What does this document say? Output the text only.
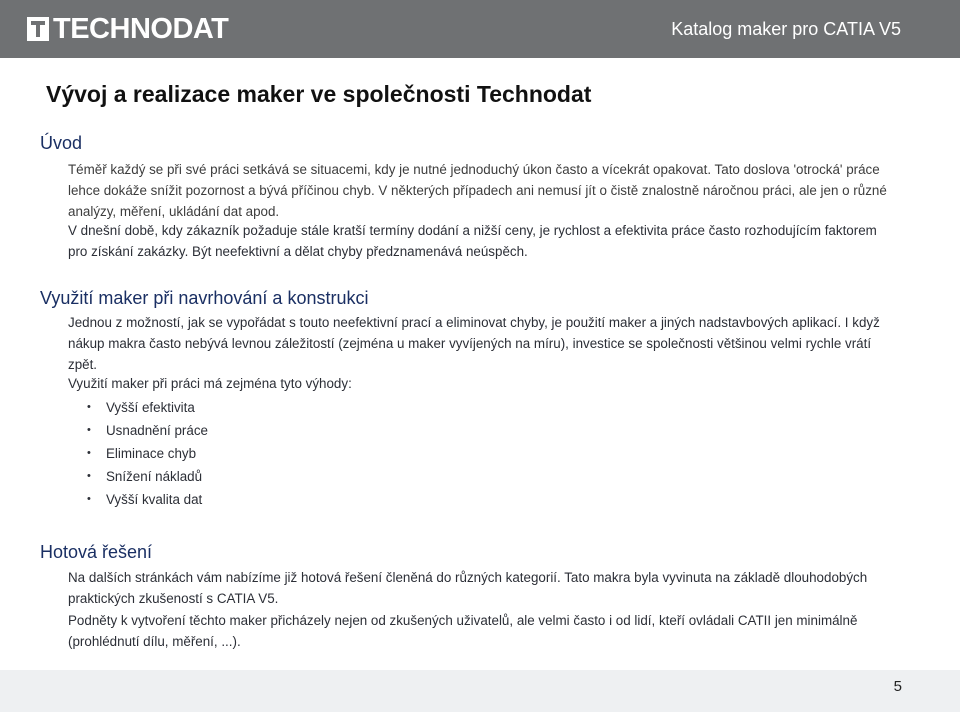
TECHNODAT	Katalog maker pro CATIA V5
Vývoj a realizace maker ve společnosti Technodat
Úvod

Téměř každý se při své práci setkává se situacemi, kdy je nutné jednoduchý úkon často a vícekrát opakovat. Tato doslova 'otrocká' práce lehce dokáže snížit pozornost a bývá příčinou chyb. V některých případech ani nemusí jít o čistě znalostně náročnou práci, ale jen o různé analýzy, měření, ukládání dat apod.

V dnešní době, kdy zákazník požaduje stále kratší termíny dodání a nižší ceny, je rychlost a efektivita práce často rozhodujícím faktorem pro získání zakázky. Být neefektivní a dělat chyby předznamenává neúspěch.

Využití maker při navrhování a konstrukci

Jednou z možností, jak se vypořádat s touto neefektivní prací a eliminovat chyby, je použití maker a jiných nadstavbových aplikací. I když nákup makra často nebývá levnou záležitostí (zejména u maker vyvíjených na míru), investice se společnosti většinou velmi rychle vrátí zpět.

Využití maker při práci má zejména tyto výhody:

• Vyšší efektivita
• Usnadnění práce
• Eliminace chyb
• Snížení nákladů
• Vyšší kvalita dat
Hotová řešení

Na dalších stránkách vám nabízíme již hotová řešení členěná do různých kategorií. Tato makra byla vyvinuta na základě dlouhodobých praktických zkušeností s CATIA V5.

Podněty k vytvoření těchto maker přicházely nejen od zkušených uživatelů, ale velmi často i od lidí, kteří ovládali CATII jen minimálně (prohlédnutí dílu, měření, ...).

5
